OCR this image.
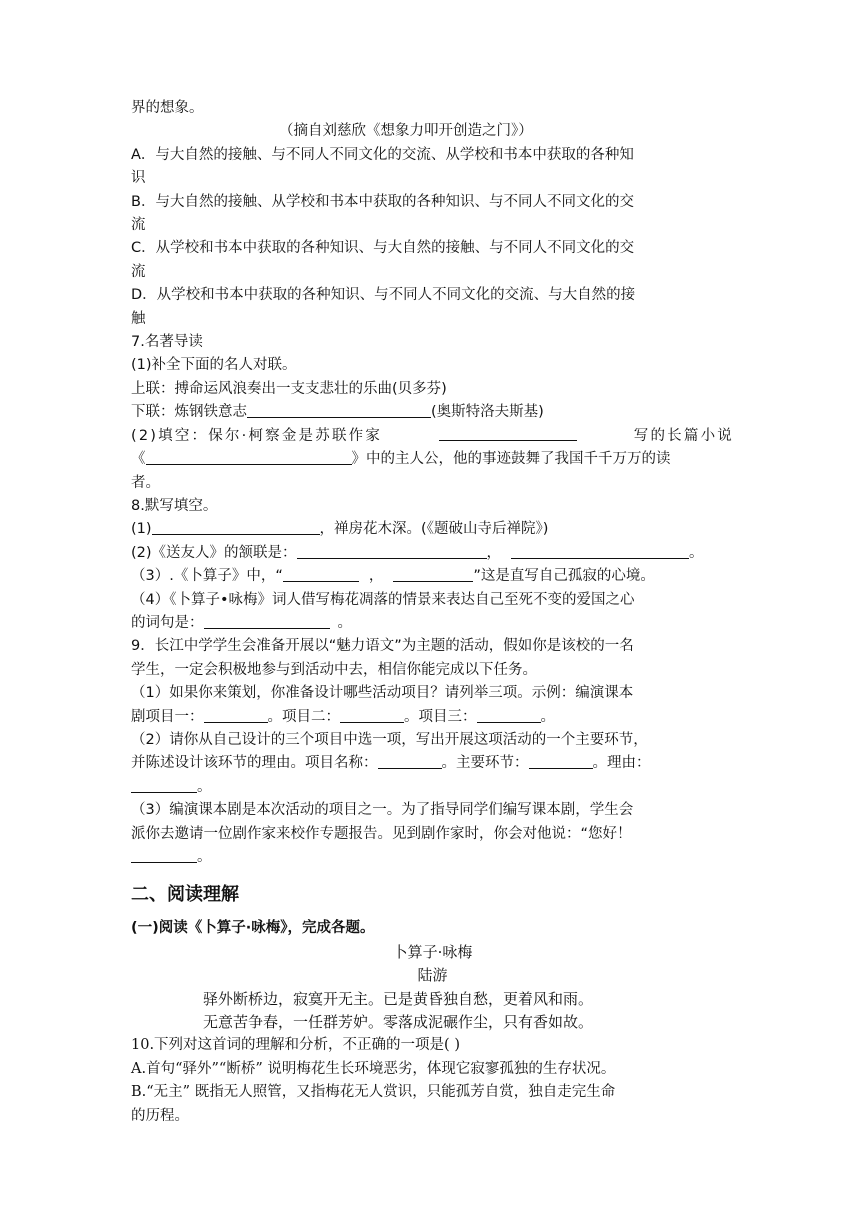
界的想象。
（摘自刘慈欣《想象力叩开创造之门》）
A．与大自然的接触、与不同人不同文化的交流、从学校和书本中获取的各种知
识
B．与大自然的接触、从学校和书本中获取的各种知识、与不同人不同文化的交
流
C．从学校和书本中获取的各种知识、与大自然的接触、与不同人不同文化的交
流
D．从学校和书本中获取的各种知识、与不同人不同文化的交流、与大自然的接
触
7.名著导读
(1)补全下面的名人对联。
上联：搏命运风浪奏出一支支悲壮的乐曲(贝多芬)
下联：炼钢铁意志	(奥斯特洛夫斯基)
(2)填空：保尔·柯察金是苏联作家	写的长篇小说
《	》中的主人公，他的事迹鼓舞了我国千千万万的读
者。
8.默写填空。
(1)	，禅房花木深。(《题破山寺后禅院》)
(2)《送友人》的颔联是：	，	。
（3）.《卜算子》中，“	，	”这是直写自己孤寂的心境。
（4）《卜算子•咏梅》词人借写梅花凋落的情景来表达自己至死不变的爱国之心
的词句是：	。
9．长江中学学生会准备开展以“魅力语文”为主题的活动，假如你是该校的一名
学生，一定会积极地参与到活动中去，相信你能完成以下任务。
（1）如果你来策划，你准备设计哪些活动项目？请列举三项。示例：编演课本
剧项目一：	。项目二：	。项目三：	。
（2）请你从自己设计的三个项目中选一项，写出开展这项活动的一个主要环节，
并陈述设计该环节的理由。项目名称：	。主要环节：	。理由：
。
（3）编演课本剧是本次活动的项目之一。为了指导同学们编写课本剧，学生会
派你去邀请一位剧作家来校作专题报告。见到剧作家时，你会对他说：“您好！
。
二、阅读理解
(一)阅读《卜算子·咏梅》，完成各题。
卜算子·咏梅
陆游
驿外断桥边，寂寞开无主。已是黄昏独自愁，更着风和雨。
无意苦争春，一任群芳妒。零落成泥碾作尘，只有香如故。
10.下列对这首词的理解和分析，不正确的一项是( )
A.首句“驿外”“断桥” 说明梅花生长环境恶劣，体现它寂寥孤独的生存状况。
B.“无主” 既指无人照管，又指梅花无人赏识，只能孤芳自赏，独自走完生命
的历程。
